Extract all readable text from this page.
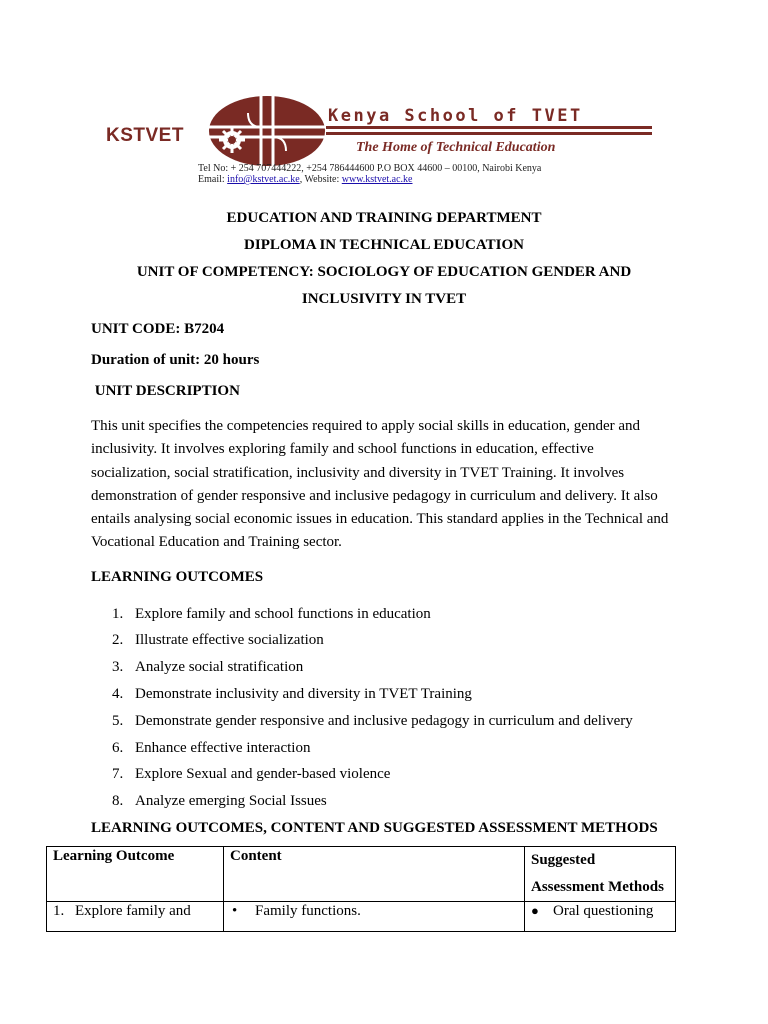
KSTVET
Kenya School of TVET
The Home of Technical Education
Tel No: + 254 707444222, +254 786444600 P.O BOX 44600 – 00100, Nairobi Kenya
Email: info@kstvet.ac.ke, Website: www.kstvet.ac.ke
EDUCATION AND TRAINING DEPARTMENT
DIPLOMA IN TECHNICAL EDUCATION
UNIT OF COMPETENCY: SOCIOLOGY OF EDUCATION GENDER AND
INCLUSIVITY IN TVET
UNIT CODE: B7204
Duration of unit: 20 hours
UNIT DESCRIPTION
This unit specifies the competencies required to apply social skills in education, gender and
inclusivity. It involves exploring family and school functions in education, effective
socialization, social stratification, inclusivity and diversity in TVET Training. It involves
demonstration of gender responsive and inclusive pedagogy in curriculum and delivery. It also
entails analysing social economic issues in education. This standard applies in the Technical and
Vocational Education and Training sector.
LEARNING OUTCOMES
1. Explore family and school functions in education
2. Illustrate effective socialization
3. Analyze social stratification
4. Demonstrate inclusivity and diversity in TVET Training
5. Demonstrate gender responsive and inclusive pedagogy in curriculum and delivery
6. Enhance effective interaction
7. Explore Sexual and gender-based violence
8. Analyze emerging Social Issues
LEARNING OUTCOMES, CONTENT AND SUGGESTED ASSESSMENT METHODS
Learning Outcome	Content	Suggested
Assessment Methods

1. Explore family and	• Family functions.	● Oral questioning
